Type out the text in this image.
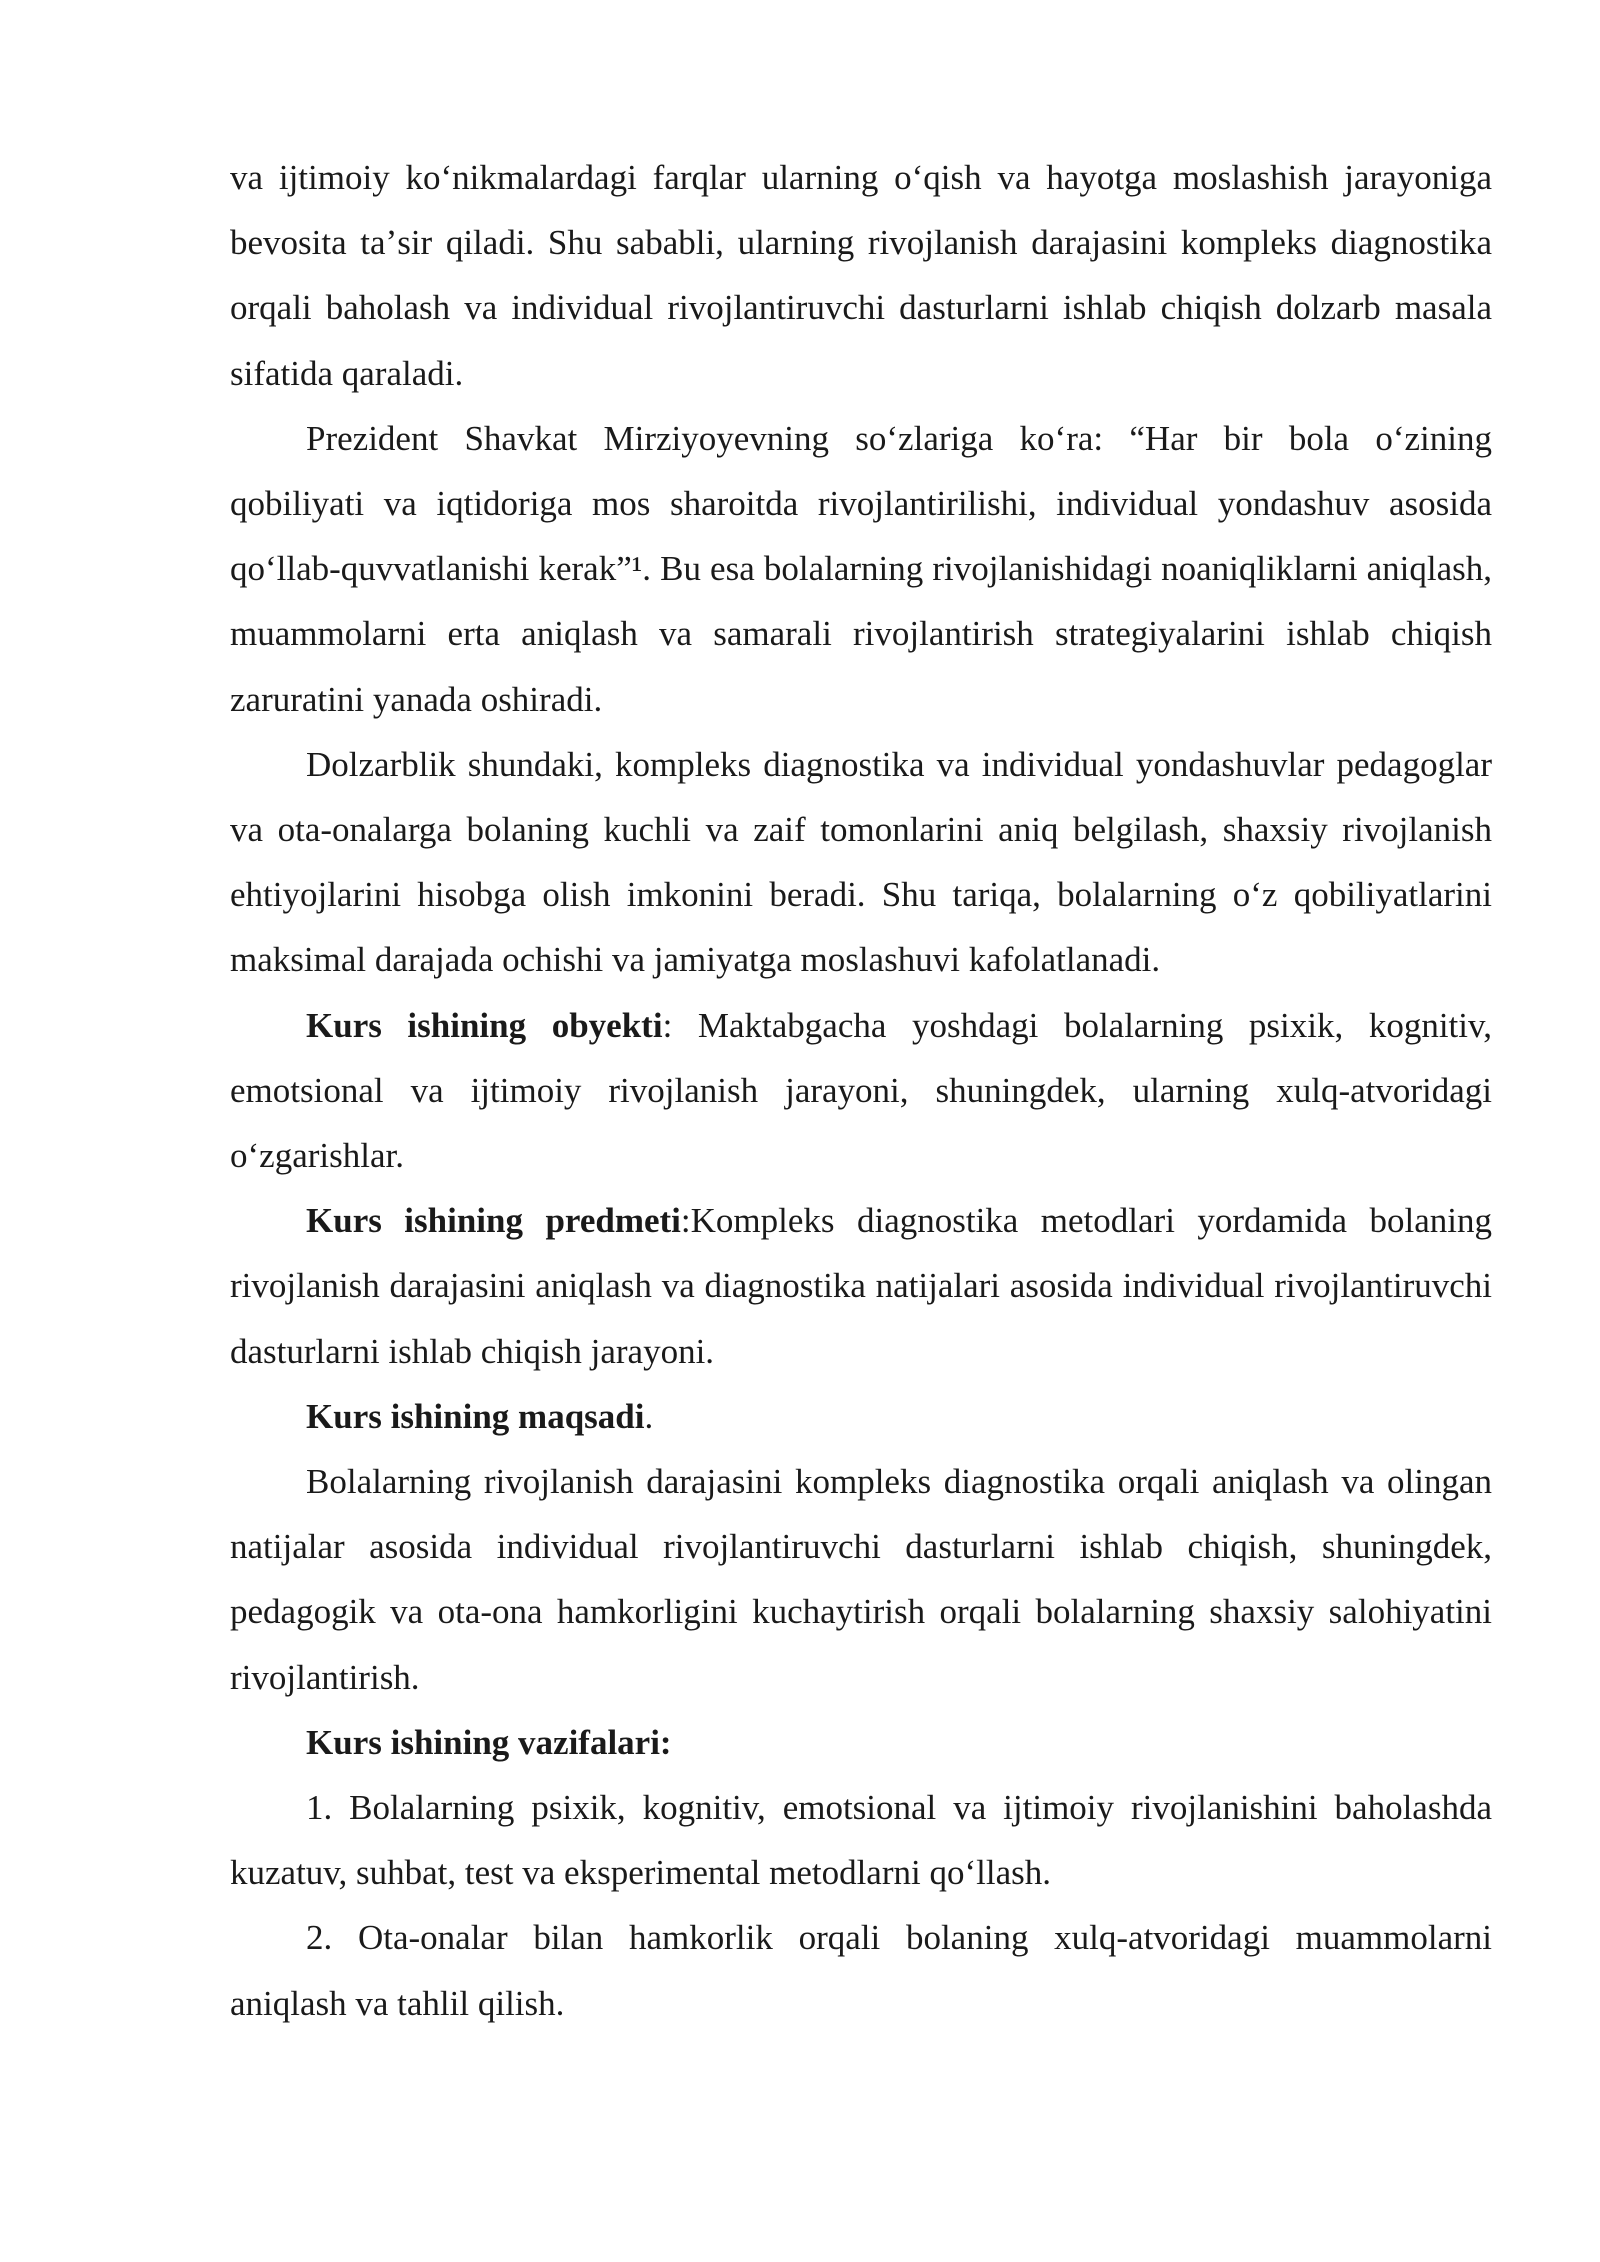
va ijtimoiy koʻnikmalardagi farqlar ularning oʻqish va hayotga moslashish jarayoniga bevosita taʼsir qiladi. Shu sababli, ularning rivojlanish darajasini kompleks diagnostika orqali baholash va individual rivojlantiruvchi dasturlarni ishlab chiqish dolzarb masala sifatida qaraladi.

Prezident Shavkat Mirziyoyevning soʻzlariga koʻra: “Har bir bola oʻzining qobiliyati va iqtidoriga mos sharoitda rivojlantirilishi, individual yondashuv asosida qoʻllab-quvvatlanishi kerak”¹. Bu esa bolalarning rivojlanishidagi noaniqliklarni aniqlash, muammolarni erta aniqlash va samarali rivojlantirish strategiyalarini ishlab chiqish zaruratini yanada oshiradi.

Dolzarblik shundaki, kompleks diagnostika va individual yondashuvlar pedagoglar va ota-onalarga bolaning kuchli va zaif tomonlarini aniq belgilash, shaxsiy rivojlanish ehtiyojlarini hisobga olish imkonini beradi. Shu tariqa, bolalarning oʻz qobiliyatlarini maksimal darajada ochishi va jamiyatga moslashuvi kafolatlanadi.

Kurs ishining obyekti: Maktabgacha yoshdagi bolalarning psixik, kognitiv, emotsional va ijtimoiy rivojlanish jarayoni, shuningdek, ularning xulq-atvoridagi oʻzgarishlar.

Kurs ishining predmeti:Kompleks diagnostika metodlari yordamida bolaning rivojlanish darajasini aniqlash va diagnostika natijalari asosida individual rivojlantiruvchi dasturlarni ishlab chiqish jarayoni.

Kurs ishining maqsadi.

Bolalarning rivojlanish darajasini kompleks diagnostika orqali aniqlash va olingan natijalar asosida individual rivojlantiruvchi dasturlarni ishlab chiqish, shuningdek, pedagogik va ota-ona hamkorligini kuchaytirish orqali bolalarning shaxsiy salohiyatini rivojlantirish.

Kurs ishining vazifalari:

1. Bolalarning psixik, kognitiv, emotsional va ijtimoiy rivojlanishini baholashda kuzatuv, suhbat, test va eksperimental metodlarni qoʻllash.

2. Ota-onalar bilan hamkorlik orqali bolaning xulq-atvoridagi muammolarni aniqlash va tahlil qilish.
